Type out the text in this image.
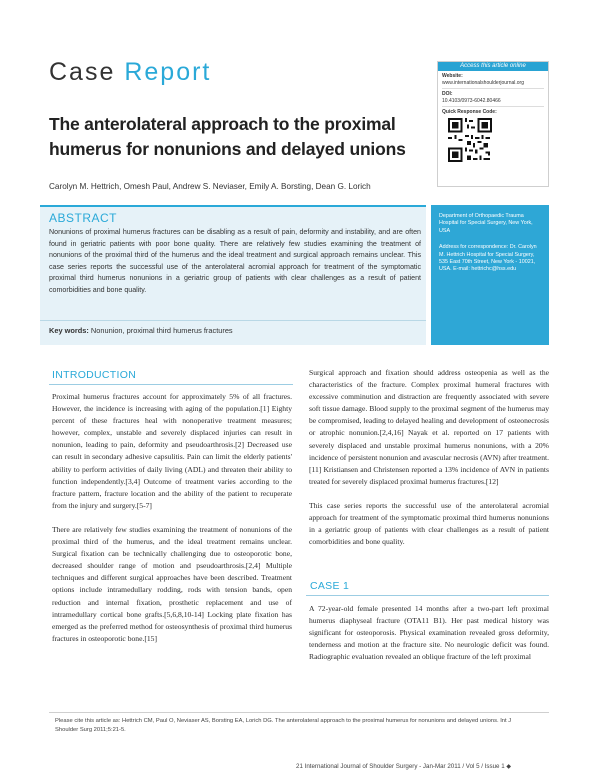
Case Report	Access this article online
Website:
www.internationalshoulderjournal.org
DOI:
10.4103/0973-6042.80466
Quick Response Code:
The anterolateral approach to the proximal humerus for nonunions and delayed unions
Carolyn M. Hettrich, Omesh Paul, Andrew S. Neviaser, Emily A. Borsting, Dean G. Lorich
ABSTRACT
Nonunions of proximal humerus fractures can be disabling as a result of pain, deformity and instability, and are often found in geriatric patients with poor bone quality. There are relatively few studies examining the treatment of nonunions of the proximal third of the humerus and the ideal treatment and surgical approach remains unclear. This case series reports the successful use of the anterolateral acromial approach for treatment of the symptomatic proximal third humerus nonunions in a geriatric group of patients with clear challenges as a result of patient comorbidities and bone quality.
Key words: Nonunion, proximal third humerus fractures

Department of Orthopaedic Trauma Hospital for Special Surgery, New York, USA

Address for correspondence: Dr. Carolyn M. Hettrich Hospital for Special Surgery, 535 East 70th Street, New York - 10021, USA. E-mail: hettrichc@hss.edu

INTRODUCTION

Proximal humerus fractures account for approximately 5% of all fractures. However, the incidence is increasing with aging of the population.[1] Eighty percent of these fractures heal with nonoperative treatment measures; however, complex, unstable and severely displaced injuries can result in nonunion, leading to pain, deformity and pseudoarthrosis.[2] Decreased use can result in secondary adhesive capsulitis. Pain can limit the elderly patients' ability to perform activities of daily living (ADL) and threaten their ability to function independently.[3,4] Outcome of treatment varies according to the fracture pattern, fracture location and the ability of the patient to recuperate from the injury and surgery.[5-7]

There are relatively few studies examining the treatment of nonunions of the proximal third of the humerus, and the ideal treatment remains unclear. Surgical fixation can be technically challenging due to osteoporotic bone, decreased shoulder range of motion and pseudoarthrosis.[2,4] Multiple techniques and different surgical approaches have been described. Treatment options include intramedullary rodding, rods with tension bands, open reduction and internal fixation, prosthetic replacement and use of intramedullary cortical bone grafts.[5,6,8,10-14] Locking plate fixation has emerged as the preferred method for osteosynthesis of proximal third humerus fractures in osteoporotic bone.[15]

Surgical approach and fixation should address osteopenia as well as the characteristics of the fracture. Complex proximal humeral fractures with excessive comminution and distraction are frequently associated with severe soft tissue damage. Blood supply to the proximal segment of the humerus may be compromised, leading to delayed healing and development of osteonecrosis or atrophic nonunion.[2,4,16] Nayak et al. reported on 17 patients with severely displaced and unstable proximal humerus nonunions, with a 20% incidence of persistent nonunion and avascular necrosis (AVN) after treatment.[11] Kristiansen and Christensen reported a 13% incidence of AVN in patients treated for severely displaced proximal humerus fractures.[12]

This case series reports the successful use of the anterolateral acromial approach for treatment of the symptomatic proximal third humerus nonunions in a geriatric group of patients with clear challenges as a result of patient comorbidities and bone quality.

CASE 1

A 72-year-old female presented 14 months after a two-part left proximal humerus diaphyseal fracture (OTA11 B1). Her past medical history was significant for osteoporosis. Physical examination revealed gross deformity, tenderness and motion at the fracture site. No neurologic deficit was found. Radiographic evaluation revealed an oblique fracture of the left proximal

Please cite this article as: Hettrich CM, Paul O, Neviaser AS, Borsting EA, Lorich DG. The anterolateral approach to the proximal humerus for nonunions and delayed unions. Int J Shoulder Surg 2011;5:21-5.
21 International Journal of Shoulder Surgery - Jan-Mar 2011 / Vol 5 / Issue 1 ◆
